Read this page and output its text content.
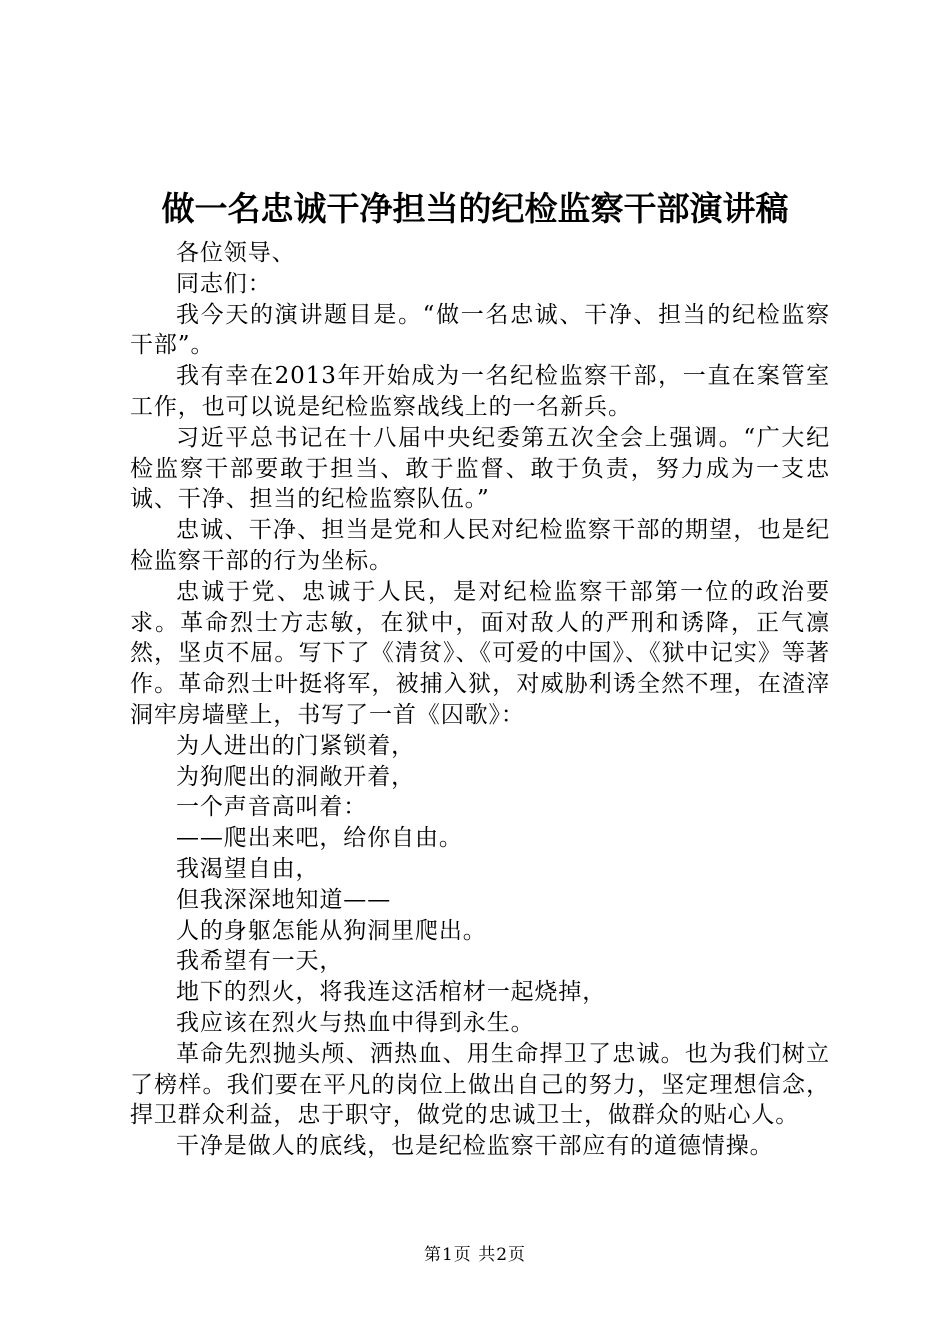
做一名忠诚干净担当的纪检监察干部演讲稿

各位领导、

同志们：

我今天的演讲题目是。“做一名忠诚、干净、担当的纪检监察干部”。

我有幸在2013年开始成为一名纪检监察干部，一直在案管室工作，也可以说是纪检监察战线上的一名新兵。

习近平总书记在十八届中央纪委第五次全会上强调。“广大纪检监察干部要敢于担当、敢于监督、敢于负责，努力成为一支忠诚、干净、担当的纪检监察队伍。”

忠诚、干净、担当是党和人民对纪检监察干部的期望，也是纪检监察干部的行为坐标。

忠诚于党、忠诚于人民，是对纪检监察干部第一位的政治要求。革命烈士方志敏，在狱中，面对敌人的严刑和诱降，正气凛然，坚贞不屈。写下了《清贫》、《可爱的中国》、《狱中记实》等著作。革命烈士叶挺将军，被捕入狱，对威胁利诱全然不理，在渣滓洞牢房墙壁上，书写了一首《囚歌》：

为人进出的门紧锁着，

为狗爬出的洞敞开着，

一个声音高叫着：

——爬出来吧，给你自由。

我渴望自由，

但我深深地知道——

人的身躯怎能从狗洞里爬出。

我希望有一天，

地下的烈火，将我连这活棺材一起烧掉，

我应该在烈火与热血中得到永生。

革命先烈抛头颅、洒热血、用生命捍卫了忠诚。也为我们树立了榜样。我们要在平凡的岗位上做出自己的努力，坚定理想信念，捍卫群众利益，忠于职守，做党的忠诚卫士，做群众的贴心人。

干净是做人的底线，也是纪检监察干部应有的道德情操。

第1页 共2页
